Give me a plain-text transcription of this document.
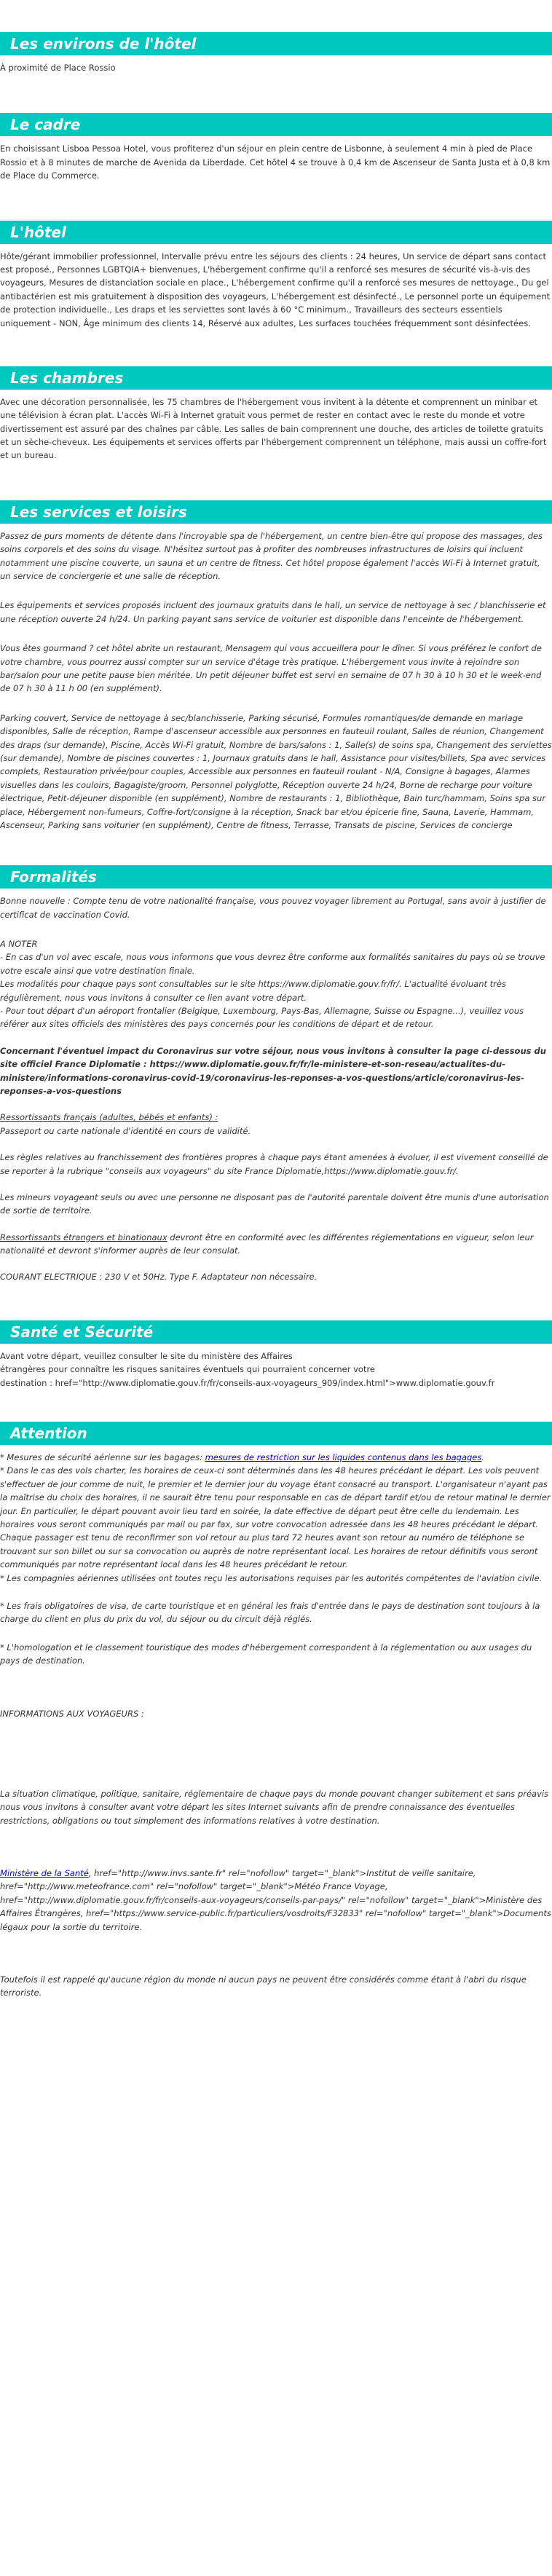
Les environs de l'hôtel

À proximité de Place Rossio

Le cadre

En choisissant Lisboa Pessoa Hotel, vous profiterez d'un séjour en plein centre de Lisbonne, à seulement 4 min à pied de Place Rossio et à 8 minutes de marche de Avenida da Liberdade. Cet hôtel 4 se trouve à 0,4 km de Ascenseur de Santa Justa et à 0,8 km de Place du Commerce.

L'hôtel

Hôte/gérant immobilier professionnel, Intervalle prévu entre les séjours des clients : 24 heures, Un service de départ sans contact est proposé., Personnes LGBTQIA+ bienvenues, L'hébergement confirme qu'il a renforcé ses mesures de sécurité vis-à-vis des voyageurs, Mesures de distanciation sociale en place., L'hébergement confirme qu'il a renforcé ses mesures de nettoyage., Du gel antibactérien est mis gratuitement à disposition des voyageurs, L'hébergement est désinfecté., Le personnel porte un équipement de protection individuelle., Les draps et les serviettes sont lavés à 60 °C minimum., Travailleurs des secteurs essentiels uniquement - NON, Âge minimum des clients 14, Réservé aux adultes, Les surfaces touchées fréquemment sont désinfectées.

Les chambres

Avec une décoration personnalisée, les 75 chambres de l'hébergement vous invitent à la détente et comprennent un minibar et une télévision à écran plat. L'accès Wi-Fi à Internet gratuit vous permet de rester en contact avec le reste du monde et votre divertissement est assuré par des chaînes par câble. Les salles de bain comprennent une douche, des articles de toilette gratuits et un sèche-cheveux. Les équipements et services offerts par l'hébergement comprennent un téléphone, mais aussi un coffre-fort et un bureau.

Les services et loisirs

Passez de purs moments de détente dans l'incroyable spa de l'hébergement, un centre bien-être qui propose des massages, des soins corporels et des soins du visage. N'hésitez surtout pas à profiter des nombreuses infrastructures de loisirs qui incluent notamment une piscine couverte, un sauna et un centre de fitness. Cet hôtel propose également l'accès Wi-Fi à Internet gratuit, un service de conciergerie et une salle de réception.

Les équipements et services proposés incluent des journaux gratuits dans le hall, un service de nettoyage à sec / blanchisserie et une réception ouverte 24 h/24. Un parking payant sans service de voiturier est disponible dans l'enceinte de l'hébergement.

Vous êtes gourmand ? cet hôtel abrite un restaurant, Mensagem qui vous accueillera pour le dîner. Si vous préférez le confort de votre chambre, vous pourrez aussi compter sur un service d'étage très pratique. L'hébergement vous invite à rejoindre son bar/salon pour une petite pause bien méritée. Un petit déjeuner buffet est servi en semaine de 07 h 30 à 10 h 30 et le week-end de 07 h 30 à 11 h 00 (en supplément).

Parking couvert, Service de nettoyage à sec/blanchisserie, Parking sécurisé, Formules romantiques/de demande en mariage disponibles, Salle de réception, Rampe d'ascenseur accessible aux personnes en fauteuil roulant, Salles de réunion, Changement des draps (sur demande), Piscine, Accès Wi-Fi gratuit, Nombre de bars/salons : 1, Salle(s) de soins spa, Changement des serviettes (sur demande), Nombre de piscines couvertes : 1, Journaux gratuits dans le hall, Assistance pour visites/billets, Spa avec services complets, Restauration privée/pour couples, Accessible aux personnes en fauteuil roulant - N/A, Consigne à bagages, Alarmes visuelles dans les couloirs, Bagagiste/groom, Personnel polyglotte, Réception ouverte 24 h/24, Borne de recharge pour voiture électrique, Petit-déjeuner disponible (en supplément), Nombre de restaurants : 1, Bibliothèque, Bain turc/hammam, Soins spa sur place, Hébergement non-fumeurs, Coffre-fort/consigne à la réception, Snack bar et/ou épicerie fine, Sauna, Laverie, Hammam, Ascenseur, Parking sans voiturier (en supplément), Centre de fitness, Terrasse, Transats de piscine, Services de concierge

Formalités

Bonne nouvelle : Compte tenu de votre nationalité française, vous pouvez voyager librement au Portugal, sans avoir à justifier de certificat de vaccination Covid.

A NOTER

- En cas d'un vol avec escale, nous vous informons que vous devrez être conforme aux formalités sanitaires du pays où se trouve votre escale ainsi que votre destination finale.

Les modalités pour chaque pays sont consultables sur le site https://www.diplomatie.gouv.fr/fr/. L'actualité évoluant très régulièrement, nous vous invitons à consulter ce lien avant votre départ.

- Pour tout départ d'un aéroport frontalier (Belgique, Luxembourg, Pays-Bas, Allemagne, Suisse ou Espagne...), veuillez vous référer aux sites officiels des ministères des pays concernés pour les conditions de départ et de retour.

Concernant l'éventuel impact du Coronavirus sur votre séjour, nous vous invitons à consulter la page ci-dessous du site officiel France Diplomatie : https://www.diplomatie.gouv.fr/fr/le-ministere-et-son-reseau/actualites-du-ministere/informations-coronavirus-covid-19/coronavirus-les-reponses-a-vos-questions/article/coronavirus-les-reponses-a-vos-questions

Ressortissants français (adultes, bébés et enfants) :

Passeport ou carte nationale d'identité en cours de validité.

Les règles relatives au franchissement des frontières propres à chaque pays étant amenées à évoluer, il est vivement conseillé de se reporter à la rubrique "conseils aux voyageurs" du site France Diplomatie,https://www.diplomatie.gouv.fr/.

Les mineurs voyageant seuls ou avec une personne ne disposant pas de l'autorité parentale doivent être munis d'une autorisation de sortie de territoire.

Ressortissants étrangers et binationaux devront être en conformité avec les différentes réglementations en vigueur, selon leur nationalité et devront s'informer auprès de leur consulat.

COURANT ELECTRIQUE : 230 V et 50Hz. Type F. Adaptateur non nécessaire.

Santé et Sécurité

Avant votre départ, veuillez consulter le site du ministère des Affaires

étrangères pour connaître les risques sanitaires éventuels qui pourraient concerner votre

destination : href="http://www.diplomatie.gouv.fr/fr/conseils-aux-voyageurs_909/index.html">www.diplomatie.gouv.fr

Attention

* Mesures de sécurité aérienne sur les bagages: mesures de restriction sur les liquides contenus dans les bagages.

* Dans le cas des vols charter, les horaires de ceux-ci sont déterminés dans les 48 heures précédant le départ. Les vols peuvent s'effectuer de jour comme de nuit, le premier et le dernier jour du voyage étant consacré au transport. L'organisateur n'ayant pas la maîtrise du choix des horaires, il ne saurait être tenu pour responsable en cas de départ tardif et/ou de retour matinal le dernier jour. En particulier, le départ pouvant avoir lieu tard en soirée, la date effective de départ peut être celle du lendemain. Les horaires vous seront communiqués par mail ou par fax, sur votre convocation adressée dans les 48 heures précédant le départ. Chaque passager est tenu de reconfirmer son vol retour au plus tard 72 heures avant son retour au numéro de téléphone se trouvant sur son billet ou sur sa convocation ou auprès de notre représentant local. Les horaires de retour définitifs vous seront communiqués par notre représentant local dans les 48 heures précédant le retour.

* Les compagnies aériennes utilisées ont toutes reçu les autorisations requises par les autorités compétentes de l'aviation civile.

* Les frais obligatoires de visa, de carte touristique et en général les frais d'entrée dans le pays de destination sont toujours à la charge du client en plus du prix du vol, du séjour ou du circuit déjà réglés.

* L'homologation et le classement touristique des modes d'hébergement correspondent à la réglementation ou aux usages du pays de destination.

INFORMATIONS AUX VOYAGEURS :

La situation climatique, politique, sanitaire, réglementaire de chaque pays du monde pouvant changer subitement et sans préavis

nous vous invitons à consulter avant votre départ les sites Internet suivants afin de prendre connaissance des éventuelles restrictions, obligations ou tout simplement des informations relatives à votre destination.

Ministère de la Santé, href="http://www.invs.sante.fr" rel="nofollow" target="_blank">Institut de veille sanitaire, href="http://www.meteofrance.com" rel="nofollow" target="_blank">Météo France Voyage, href="http://www.diplomatie.gouv.fr/fr/conseils-aux-voyageurs/conseils-par-pays/" rel="nofollow" target="_blank">Ministère des Affaires Étrangères, href="https://www.service-public.fr/particuliers/vosdroits/F32833" rel="nofollow" target="_blank">Documents légaux pour la sortie du territoire.

Toutefois il est rappelé qu'aucune région du monde ni aucun pays ne peuvent être considérés comme étant à l'abri du risque terroriste.
